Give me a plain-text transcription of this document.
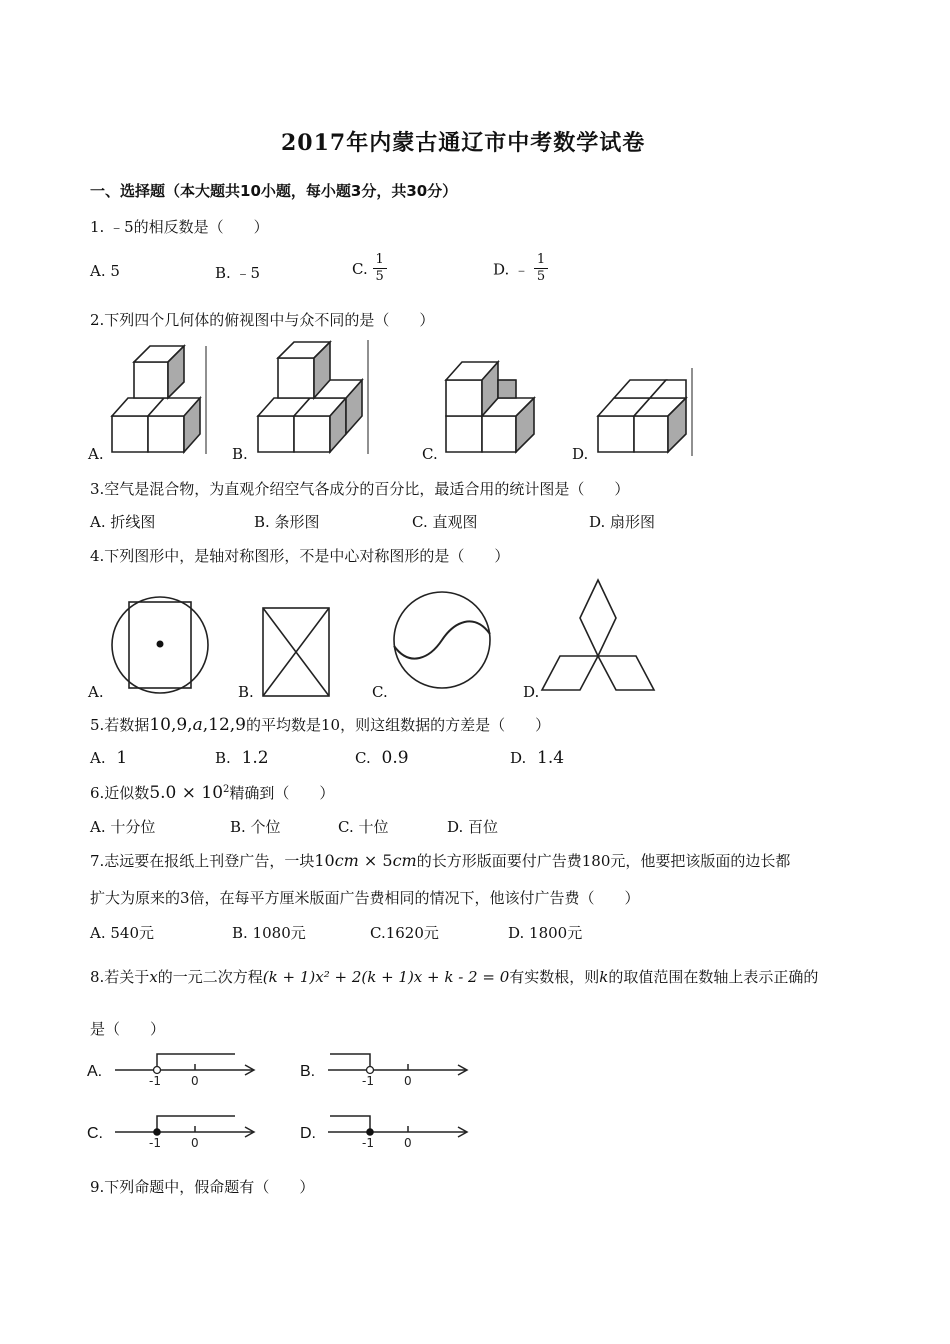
2017年内蒙古通辽市中考数学试卷
一、选择题（本大题共10小题，每小题3分，共30分）
1. ﹣5的相反数是（　　）
A. 5	B. ﹣5	C. $\frac{1}{5}$	D. ﹣ $\frac{1}{5}$
2.下列四个几何体的俯视图中与众不同的是（　　）
A.	B.	C.	D.
3.空气是混合物，为直观介绍空气各成分的百分比，最适合用的统计图是（　　）
A. 折线图	B. 条形图	C. 直观图	D. 扇形图
4.下列图形中，是轴对称图形，不是中心对称图形的是（　　）
A.	B.	C.	D.
5.若数据10,9,a,12,9的平均数是10，则这组数据的方差是（　　）
A. 1	B. 1.2	C. 0.9	D. 1.4
6.近似数$5.0 \times 10^2$精确到（　　）
A. 十分位	B. 个位	C. 十位	D. 百位
7.志远要在报纸上刊登广告，一块10cm × 5cm的长方形版面要付广告费180元，他要把该版面的边长都
扩大为原来的3倍，在每平方厘米版面广告费相同的情况下，他该付广告费（　　）
A. 540元	B. 1080元	C.1620元	D. 1800元
8.若关于x的一元二次方程(k + 1)x² + 2(k + 1)x + k - 2 = 0有实数根，则k的取值范围在数轴上表示正确的
是（　　）
A.
-1	0
B.
-1	0
C.
-1	0
D.
-1	0
9.下列命题中，假命题有（　　）
